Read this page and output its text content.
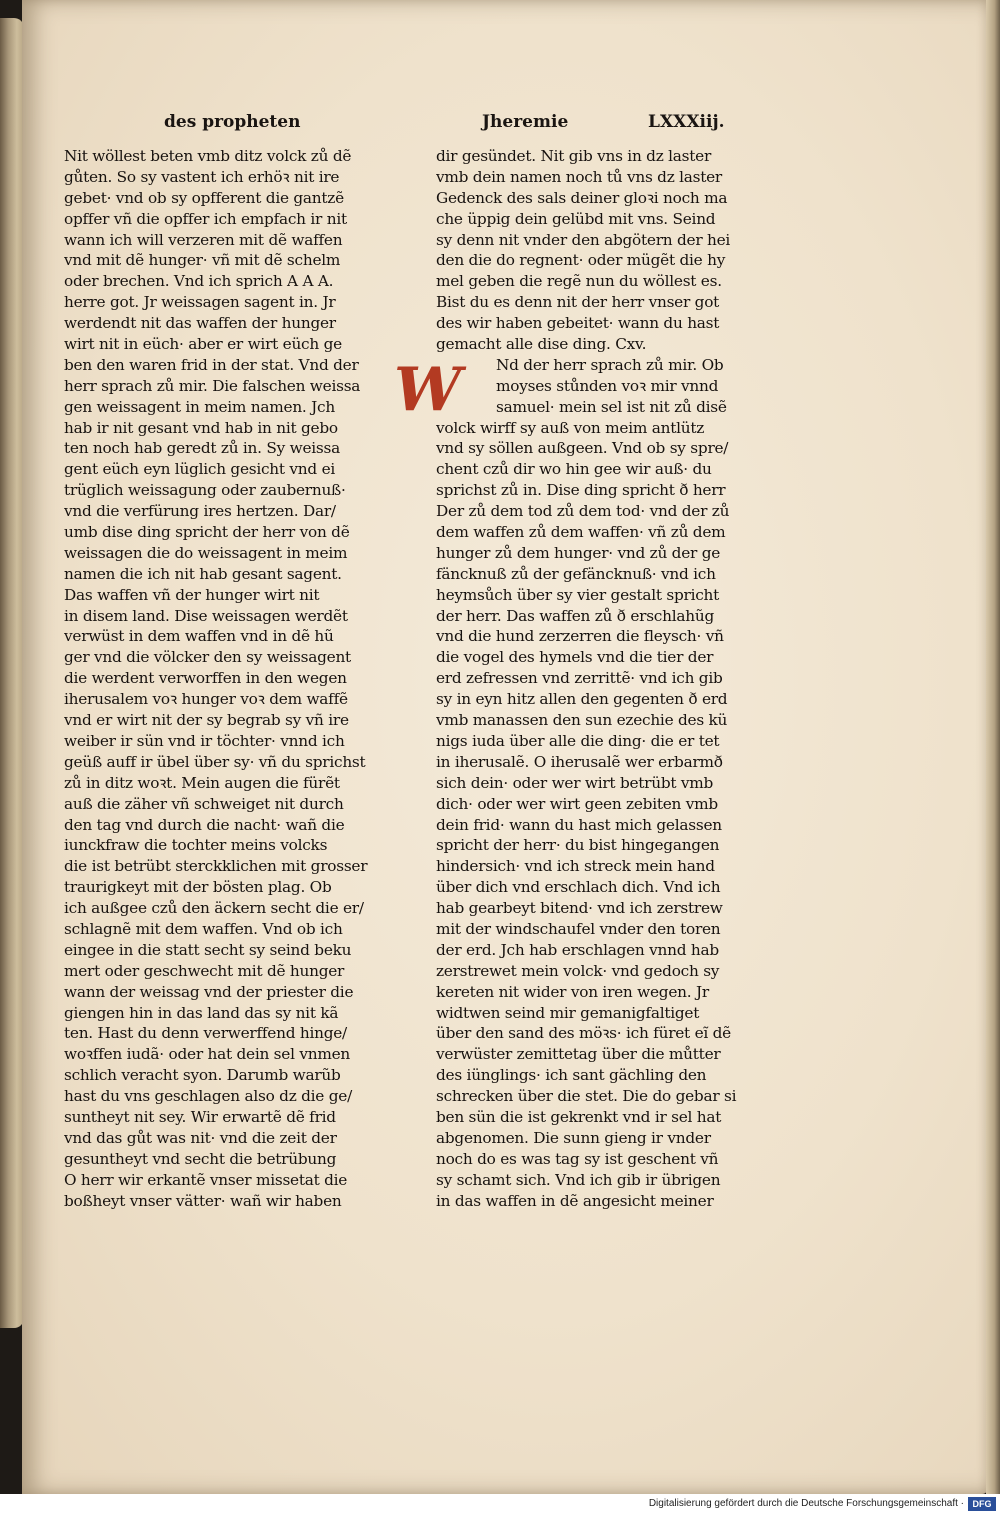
des propheten	Jheremie	LXXXiij.
Nit wöllest beten vmb ditz volck zů dẽ
gůten. So sy vastent ich erhöꝛ nit ire
gebet· vnd ob sy opfferent die gantzẽ
opffer vñ die opffer ich empfach ir nit
wann ich will verzeren mit dẽ waffen
vnd mit dẽ hunger· vñ mit dẽ schelm
oder brechen. Vnd ich sprich A A A.
herre got. Jr weissagen sagent in. Jr
werdendt nit das waffen der hunger
wirt nit in eüch· aber er wirt eüch ge
ben den waren frid in der stat. Vnd der
herr sprach zů mir. Die falschen weissa
gen weissagent in meim namen. Jch
hab ir nit gesant vnd hab in nit gebo
ten noch hab geredt zů in. Sy weissa
gent eüch eyn lüglich gesicht vnd ei
trüglich weissagung oder zaubernuß·
vnd die verfürung ires hertzen. Dar/
umb dise ding spricht der herr von dẽ
weissagen die do weissagent in meim
namen die ich nit hab gesant sagent.
Das waffen vñ der hunger wirt nit
in disem land. Dise weissagen werdẽt
verwüst in dem waffen vnd in dẽ hũ
ger vnd die völcker den sy weissagent
die werdent verworffen in den wegen
iherusalem voꝛ hunger voꝛ dem waffẽ
vnd er wirt nit der sy begrab sy vñ ire
weiber ir sün vnd ir töchter· vnnd ich
geüß auff ir übel über sy· vñ du sprichst
zů in ditz woꝛt. Mein augen die fürẽt
auß die zäher vñ schweiget nit durch
den tag vnd durch die nacht· wañ die
iunckfraw die tochter meins volcks
die ist betrübt sterckklichen mit grosser
traurigkeyt mit der bösten plag. Ob
ich außgee czů den äckern secht die er/
schlagnẽ mit dem waffen. Vnd ob ich
eingee in die statt secht sy seind beku
mert oder geschwecht mit dẽ hunger
wann der weissag vnd der priester die
giengen hin in das land das sy nit kã
ten. Hast du denn verwerffend hinge/
woꝛffen iudã· oder hat dein sel vnmen
schlich veracht syon. Darumb warũb
hast du vns geschlagen also dz die ge/
suntheyt nit sey. Wir erwartẽ dẽ frid
vnd das gůt was nit· vnd die zeit der
gesuntheyt vnd secht die betrübung
O herr wir erkantẽ vnser missetat die
boßheyt vnser vätter· wañ wir haben
dir gesündet. Nit gib vns in dz laster
vmb dein namen noch tů vns dz laster
Gedenck des sals deiner gloꝛi noch ma
che üppig dein gelübd mit vns. Seind
sy denn nit vnder den abgötern der hei
den die do regnent· oder mügẽt die hy
mel geben die regẽ nun du wöllest es.
Bist du es denn nit der herr vnser got
des wir haben gebeitet· wann du hast
gemacht alle dise ding. Cxv.
Nd der herr sprach zů mir. Ob
moyses stůnden voꝛ mir vnnd
samuel· mein sel ist nit zů disẽ
volck wirff sy auß von meim antlütz
vnd sy söllen außgeen. Vnd ob sy spre/
chent czů dir wo hin gee wir auß· du
sprichst zů in. Dise ding spricht ð herr
Der zů dem tod zů dem tod· vnd der zů
dem waffen zů dem waffen· vñ zů dem
hunger zů dem hunger· vnd zů der ge
fäncknuß zů der gefäncknuß· vnd ich
heymsůch über sy vier gestalt spricht
der herr. Das waffen zů ð erschlahũg
vnd die hund zerzerren die fleysch· vñ
die vogel des hymels vnd die tier der
erd zefressen vnd zerrittẽ· vnd ich gib
sy in eyn hitz allen den gegenten ð erd
vmb manassen den sun ezechie des kü
nigs iuda über alle die ding· die er tet
in iherusalẽ. O iherusalẽ wer erbarmð
sich dein· oder wer wirt betrübt vmb
dich· oder wer wirt geen zebiten vmb
dein frid· wann du hast mich gelassen
spricht der herr· du bist hingegangen
hindersich· vnd ich streck mein hand
über dich vnd erschlach dich. Vnd ich
hab gearbeyt bitend· vnd ich zerstrew
mit der windschaufel vnder den toren
der erd. Jch hab erschlagen vnnd hab
zerstrewet mein volck· vnd gedoch sy
kereten nit wider von iren wegen. Jr
widtwen seind mir gemanigfaltiget
über den sand des möꝛs· ich füret eĩ dẽ
verwüster zemittetag über die můtter
des iünglings· ich sant gächling den
schrecken über die stet. Die do gebar si
ben sün die ist gekrenkt vnd ir sel hat
abgenomen. Die sunn gieng ir vnder
noch do es was tag sy ist geschent vñ
sy schamt sich. Vnd ich gib ir übrigen
in das waffen in dẽ angesicht meiner
W
Digitalisierung gefördert durch die Deutsche Forschungsgemeinschaft · DFG
